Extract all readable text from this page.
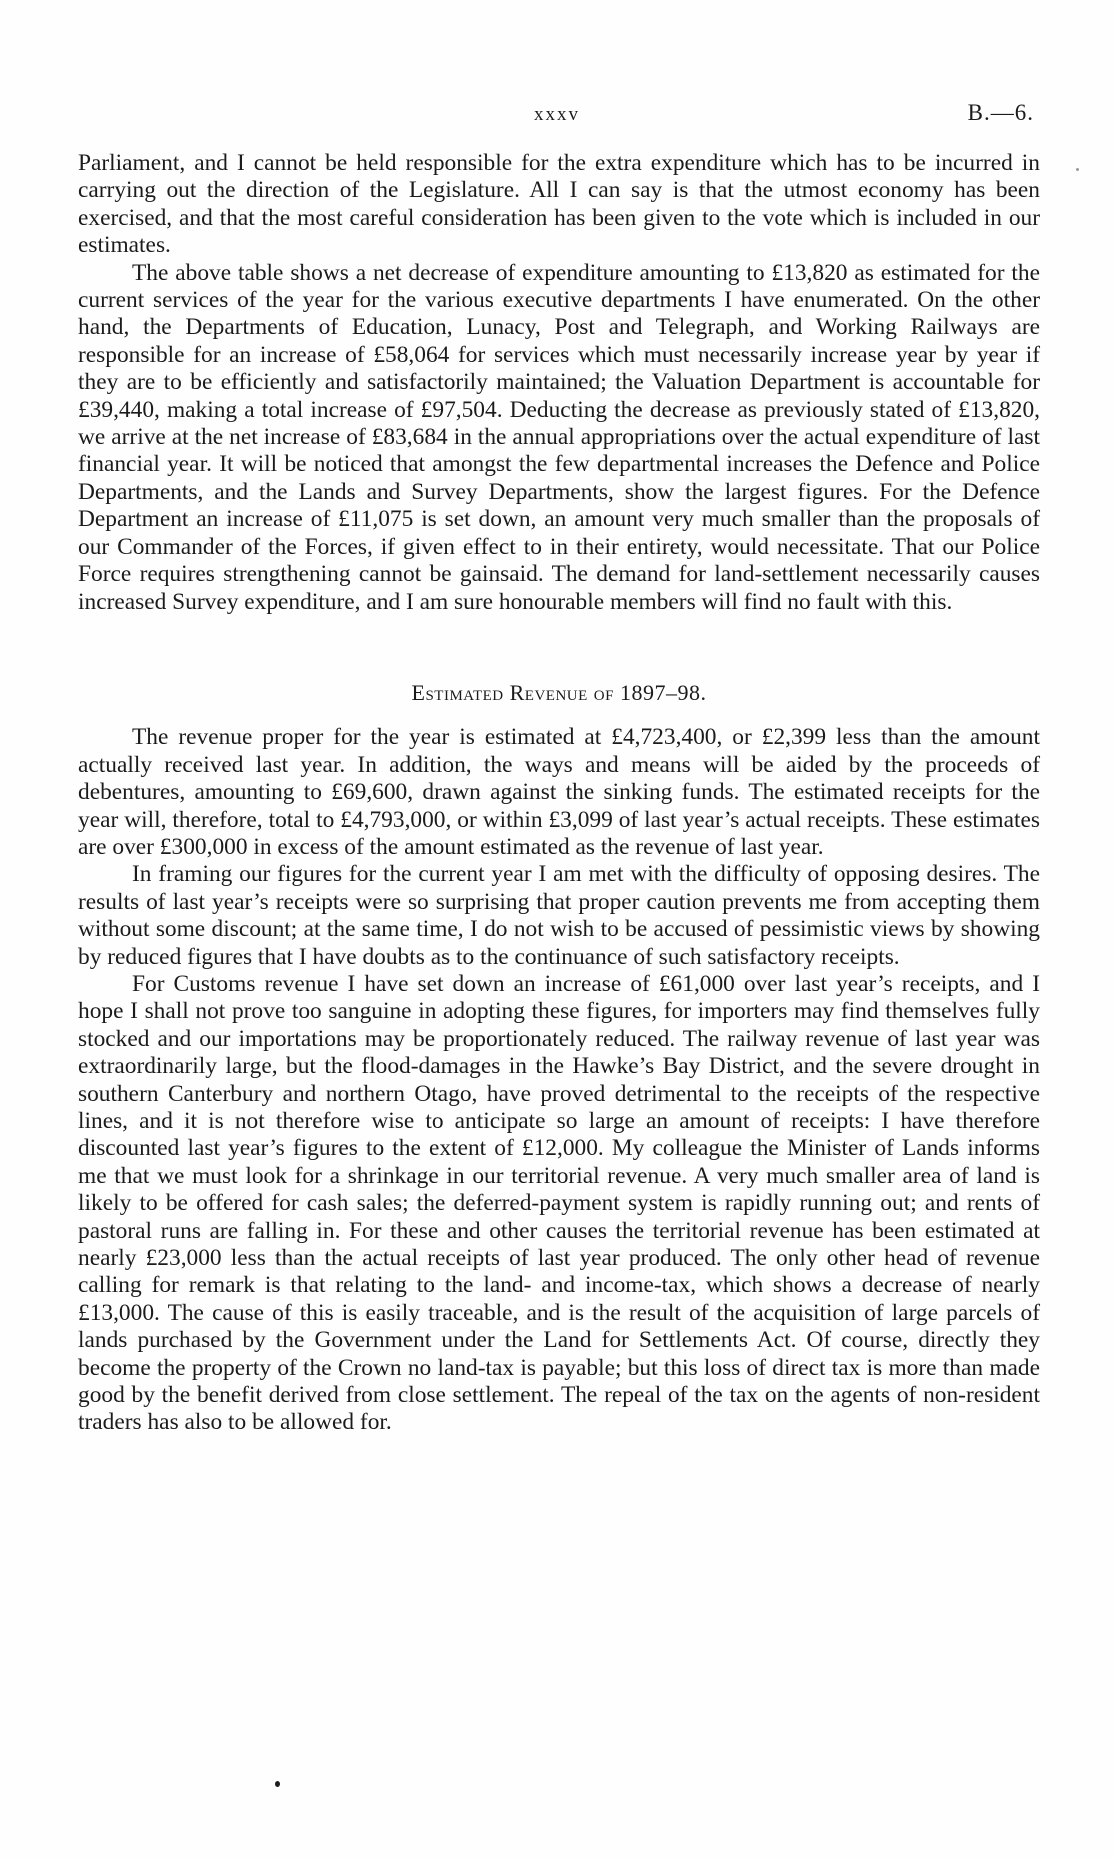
xxxv	B.—6.

Parliament, and I cannot be held responsible for the extra expenditure which has to be incurred in carrying out the direction of the Legislature. All I can say is that the utmost economy has been exercised, and that the most careful consideration has been given to the vote which is included in our estimates.

The above table shows a net decrease of expenditure amounting to £13,820 as estimated for the current services of the year for the various executive departments I have enumerated. On the other hand, the Departments of Education, Lunacy, Post and Telegraph, and Working Railways are responsible for an increase of £58,064 for services which must necessarily increase year by year if they are to be efficiently and satisfactorily maintained; the Valuation Department is accountable for £39,440, making a total increase of £97,504. Deducting the decrease as previously stated of £13,820, we arrive at the net increase of £83,684 in the annual appropriations over the actual expenditure of last financial year. It will be noticed that amongst the few departmental increases the Defence and Police Departments, and the Lands and Survey Departments, show the largest figures. For the Defence Department an increase of £11,075 is set down, an amount very much smaller than the proposals of our Commander of the Forces, if given effect to in their entirety, would necessitate. That our Police Force requires strengthening cannot be gainsaid. The demand for land-settlement necessarily causes increased Survey expenditure, and I am sure honourable members will find no fault with this.

Estimated Revenue of 1897–98.

The revenue proper for the year is estimated at £4,723,400, or £2,399 less than the amount actually received last year. In addition, the ways and means will be aided by the proceeds of debentures, amounting to £69,600, drawn against the sinking funds. The estimated receipts for the year will, therefore, total to £4,793,000, or within £3,099 of last year’s actual receipts. These estimates are over £300,000 in excess of the amount estimated as the revenue of last year.

In framing our figures for the current year I am met with the difficulty of opposing desires. The results of last year’s receipts were so surprising that proper caution prevents me from accepting them without some discount; at the same time, I do not wish to be accused of pessimistic views by showing by reduced figures that I have doubts as to the continuance of such satisfactory receipts.

For Customs revenue I have set down an increase of £61,000 over last year’s receipts, and I hope I shall not prove too sanguine in adopting these figures, for importers may find themselves fully stocked and our importations may be proportionately reduced. The railway revenue of last year was extraordinarily large, but the flood-damages in the Hawke’s Bay District, and the severe drought in southern Canterbury and northern Otago, have proved detrimental to the receipts of the respective lines, and it is not therefore wise to anticipate so large an amount of receipts: I have therefore discounted last year’s figures to the extent of £12,000. My colleague the Minister of Lands informs me that we must look for a shrinkage in our territorial revenue. A very much smaller area of land is likely to be offered for cash sales; the deferred-payment system is rapidly running out; and rents of pastoral runs are falling in. For these and other causes the territorial revenue has been estimated at nearly £23,000 less than the actual receipts of last year produced. The only other head of revenue calling for remark is that relating to the land- and income-tax, which shows a decrease of nearly £13,000. The cause of this is easily traceable, and is the result of the acquisition of large parcels of lands purchased by the Government under the Land for Settlements Act. Of course, directly they become the property of the Crown no land-tax is payable; but this loss of direct tax is more than made good by the benefit derived from close settlement. The repeal of the tax on the agents of non-resident traders has also to be allowed for.
